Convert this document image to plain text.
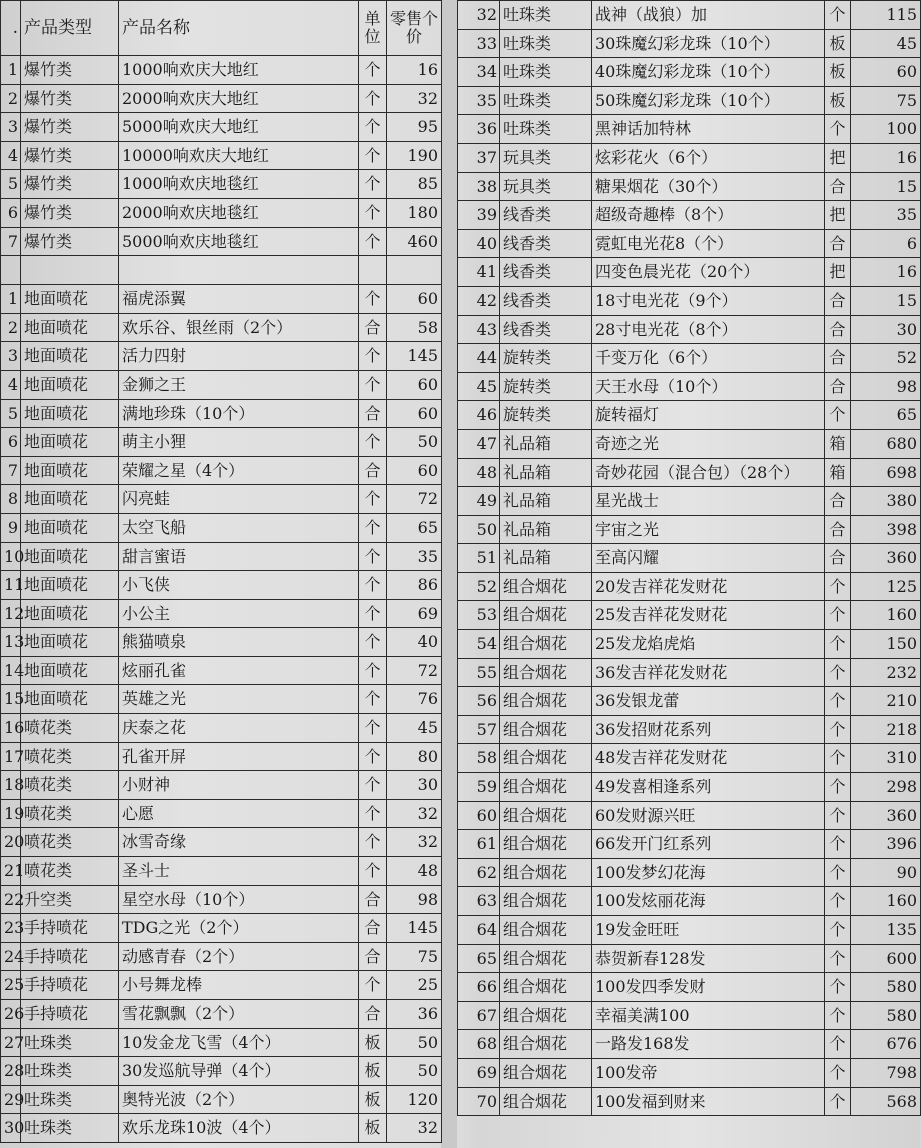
.	产品类型	产品名称	单位	零售个价
1	爆竹类	1000响欢庆大地红	个	16
2	爆竹类	2000响欢庆大地红	个	32
3	爆竹类	5000响欢庆大地红	个	95
4	爆竹类	10000响欢庆大地红	个	190
5	爆竹类	1000响欢庆地毯红	个	85
6	爆竹类	2000响欢庆地毯红	个	180
7	爆竹类	5000响欢庆地毯红	个	460

1	地面喷花	福虎添翼	个	60
2	地面喷花	欢乐谷、银丝雨（2个）	合	58
3	地面喷花	活力四射	个	145
4	地面喷花	金狮之王	个	60
5	地面喷花	满地珍珠（10个）	合	60
6	地面喷花	萌主小狸	个	50
7	地面喷花	荣耀之星（4个）	合	60
8	地面喷花	闪亮蛙	个	72
9	地面喷花	太空飞船	个	65
10	地面喷花	甜言蜜语	个	35
11	地面喷花	小飞侠	个	86
12	地面喷花	小公主	个	69
13	地面喷花	熊猫喷泉	个	40
14	地面喷花	炫丽孔雀	个	72
15	地面喷花	英雄之光	个	76
16	喷花类	庆泰之花	个	45
17	喷花类	孔雀开屏	个	80
18	喷花类	小财神	个	30
19	喷花类	心愿	个	32
20	喷花类	冰雪奇缘	个	32
21	喷花类	圣斗士	个	48
22	升空类	星空水母（10个）	合	98
23	手持喷花	TDG之光（2个）	合	145
24	手持喷花	动感青春（2个）	合	75
25	手持喷花	小号舞龙棒	个	25
26	手持喷花	雪花飘飘（2个）	合	36
27	吐珠类	10发金龙飞雪（4个）	板	50
28	吐珠类	30发巡航导弹（4个）	板	50
29	吐珠类	奥特光波（2个）	板	120
30	吐珠类	欢乐龙珠10波（4个）	板	32
32	吐珠类	战神（战狼）加	个	115
33	吐珠类	30珠魔幻彩龙珠（10个）	板	45
34	吐珠类	40珠魔幻彩龙珠（10个）	板	60
35	吐珠类	50珠魔幻彩龙珠（10个）	板	75
36	吐珠类	黑神话加特林	个	100
37	玩具类	炫彩花火（6个）	把	16
38	玩具类	糖果烟花（30个）	合	15
39	线香类	超级奇趣棒（8个）	把	35
40	线香类	霓虹电光花8（个）	合	6
41	线香类	四变色晨光花（20个）	把	16
42	线香类	18寸电光花（9个）	合	15
43	线香类	28寸电光花（8个）	合	30
44	旋转类	千变万化（6个）	合	52
45	旋转类	天王水母（10个）	合	98
46	旋转类	旋转福灯	个	65
47	礼品箱	奇迹之光	箱	680
48	礼品箱	奇妙花园（混合包）（28个）	箱	698
49	礼品箱	星光战士	合	380
50	礼品箱	宇宙之光	合	398
51	礼品箱	至高闪耀	合	360
52	组合烟花	20发吉祥花发财花	个	125
53	组合烟花	25发吉祥花发财花	个	160
54	组合烟花	25发龙焰虎焰	个	150
55	组合烟花	36发吉祥花发财花	个	232
56	组合烟花	36发银龙蕾	个	210
57	组合烟花	36发招财花系列	个	218
58	组合烟花	48发吉祥花发财花	个	310
59	组合烟花	49发喜相逢系列	个	298
60	组合烟花	60发财源兴旺	个	360
61	组合烟花	66发开门红系列	个	396
62	组合烟花	100发梦幻花海	个	90
63	组合烟花	100发炫丽花海	个	160
64	组合烟花	19发金旺旺	个	135
65	组合烟花	恭贺新春128发	个	600
66	组合烟花	100发四季发财	个	580
67	组合烟花	幸福美满100	个	580
68	组合烟花	一路发168发	个	676
69	组合烟花	100发帝	个	798
70	组合烟花	100发福到财来	个	568
